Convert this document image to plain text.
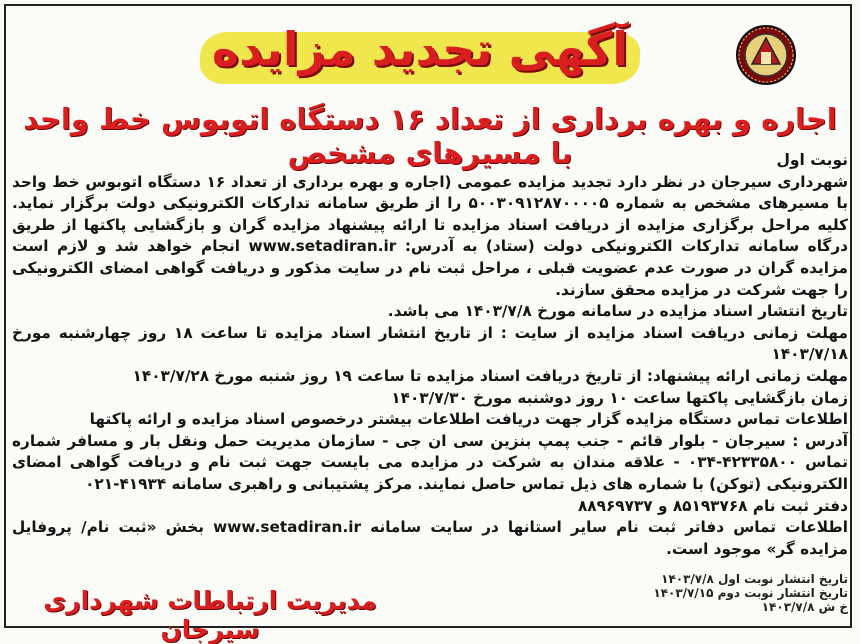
آگهی تجدید مزایده
اجاره و بهره برداری از تعداد ۱۶ دستگاه اتوبوس خط واحد با مسیرهای مشخص	نوبت اول

شهرداری سیرجان در نظر دارد تجدید مزایده عمومی (اجاره و بهره برداری از تعداد ۱۶ دستگاه اتوبوس خط واحد با مسیرهای مشخص به شماره ۵۰۰۳۰۹۱۲۸۷۰۰۰۰۵ را از طریق سامانه تدارکات الکترونیکی دولت برگزار نماید. کلیه مراحل برگزاری مزایده از دریافت اسناد مزایده تا ارائه پیشنهاد مزایده گران و بازگشایی پاکتها از طریق درگاه سامانه تدارکات الکترونیکی دولت (ستاد) به آدرس: www.setadiran.ir انجام خواهد شد و لازم است مزایده گران در صورت عدم عضویت قبلی ، مراحل ثبت نام در سایت مذکور و دریافت گواهی امضای الکترونیکی را جهت شرکت در مزایده محقق سازند.

تاریخ انتشار اسناد مزایده در سامانه مورخ ۱۴۰۳/۷/۸ می باشد.

مهلت زمانی دریافت اسناد مزایده از سایت : از تاریخ انتشار اسناد مزایده تا ساعت ۱۸ روز چهارشنبه مورخ ۱۴۰۳/۷/۱۸

مهلت زمانی ارائه پیشنهاد: از تاریخ دریافت اسناد مزایده تا ساعت ۱۹ روز شنبه مورخ ۱۴۰۳/۷/۲۸

زمان بازگشایی پاکتها ساعت ۱۰ روز دوشنبه مورخ ۱۴۰۳/۷/۳۰

اطلاعات تماس دستگاه مزایده گزار جهت دریافت اطلاعات بیشتر درخصوص اسناد مزایده و ارائه پاکتها

آدرس : سیرجان - بلوار قائم - جنب پمپ بنزین سی ان جی - سازمان مدیریت حمل ونقل بار و مسافر شماره تماس ۴۲۳۳۵۸۰۰-۰۳۴ - علاقه مندان به شرکت در مزایده می بایست جهت ثبت نام و دریافت گواهی امضای الکترونیکی (توکن) با شماره های ذیل تماس حاصل نمایند. مرکز پشتیبانی و راهبری سامانه ۴۱۹۳۴-۰۲۱

دفتر ثبت نام ۸۵۱۹۳۷۶۸ و ۸۸۹۶۹۷۳۷

اطلاعات تماس دفاتر ثبت نام سایر استانها در سایت سامانه www.setadiran.ir بخش «ثبت نام/ پروفایل مزایده گر» موجود است.

تاریخ انتشار نوبت اول ۱۴۰۳/۷/۸
تاریخ انتشار نوبت دوم ۱۴۰۳/۷/۱۵
خ ش ۱۴۰۳/۷/۸
مدیریت ارتباطات شهرداری سیرجان
